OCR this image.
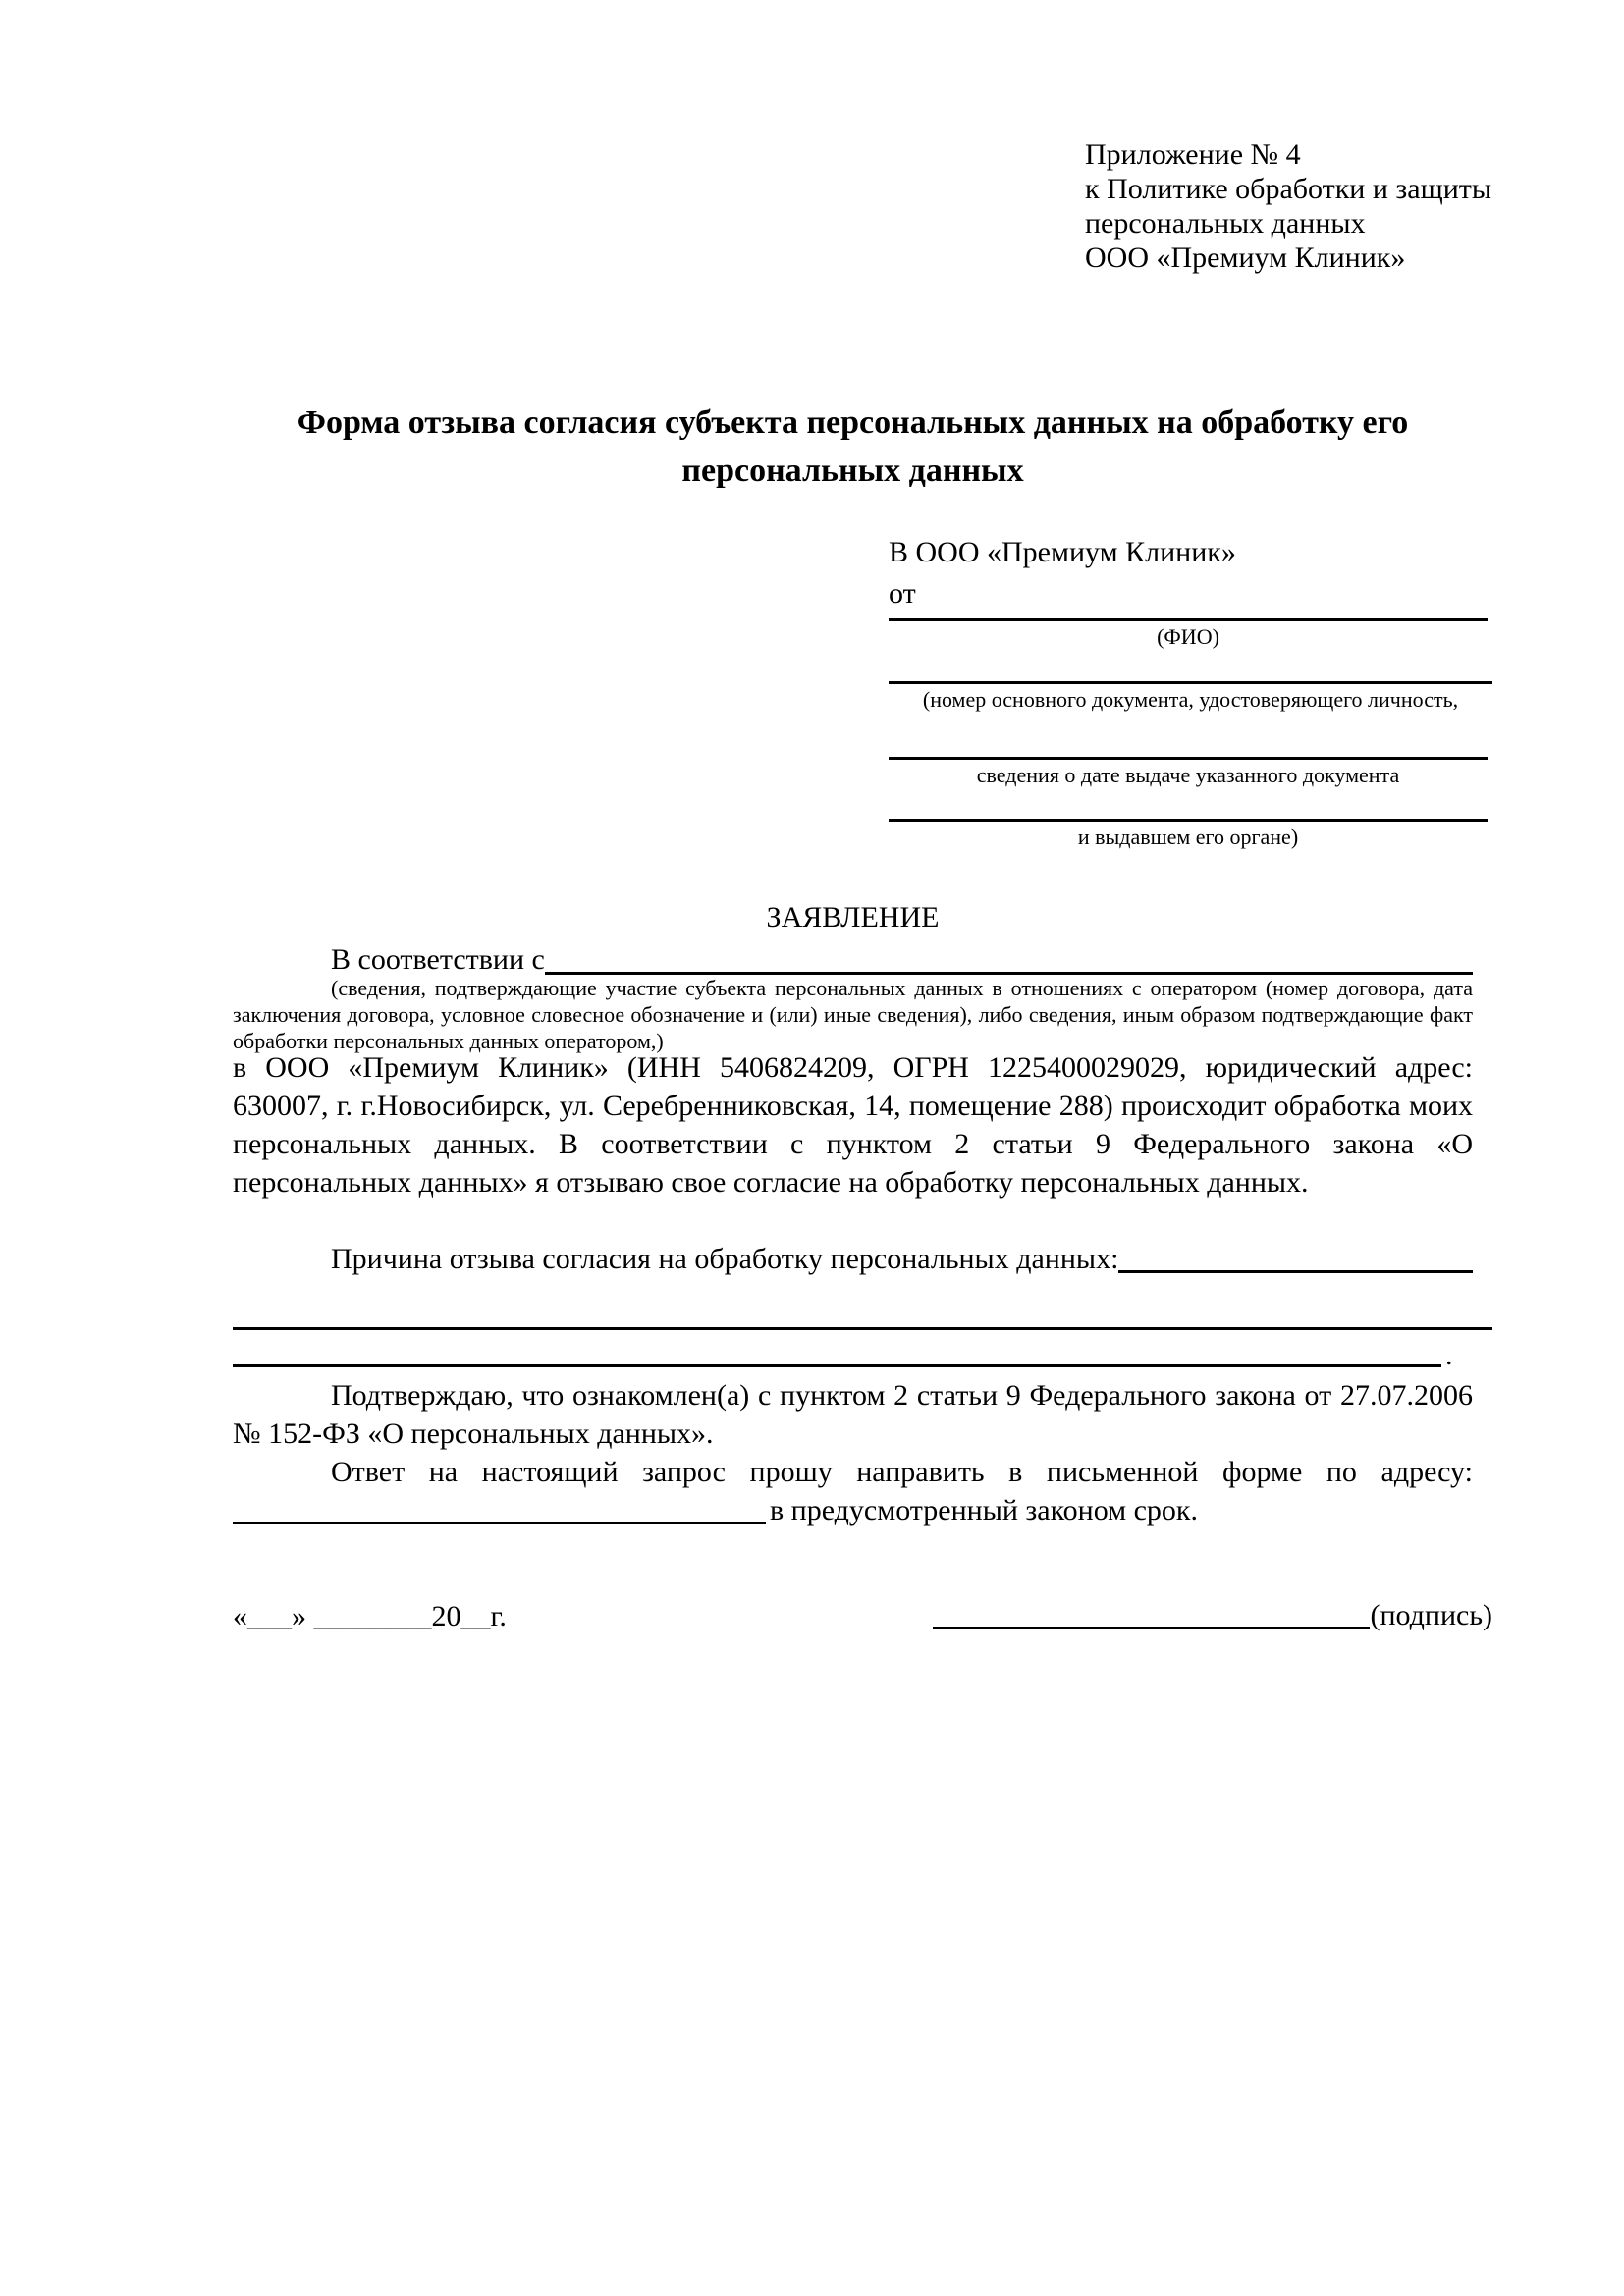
Приложение № 4
к Политике обработки и защиты
персональных данных
ООО «Премиум Клиник»
Форма отзыва согласия субъекта персональных данных на обработку его персональных данных
В ООО «Премиум Клиник»
от
(ФИО)
(номер основного документа, удостоверяющего личность,
сведения о дате выдаче указанного документа
и выдавшем его органе)
ЗАЯВЛЕНИЕ
В соответствии с
(сведения, подтверждающие участие субъекта персональных данных в отношениях с оператором (номер договора, дата заключения договора, условное словесное обозначение и (или) иные сведения), либо сведения, иным образом подтверждающие факт обработки персональных данных оператором,)
в ООО «Премиум Клиник» (ИНН 5406824209, ОГРН 1225400029029, юридический адрес: 630007, г. г.Новосибирск, ул. Серебренниковская, 14, помещение 288) происходит обработка моих персональных данных. В соответствии с пунктом 2 статьи 9 Федерального закона «О персональных данных» я отзываю свое согласие на обработку персональных данных.
Причина отзыва согласия на обработку персональных данных:
.

Подтверждаю, что ознакомлен(а) с пунктом 2 статьи 9 Федерального закона от 27.07.2006 № 152-ФЗ «О персональных данных».

Ответ на настоящий запрос прошу направить в письменной форме по адресу:

в предусмотренный законом срок.
«___» ________20__г.	(подпись)
